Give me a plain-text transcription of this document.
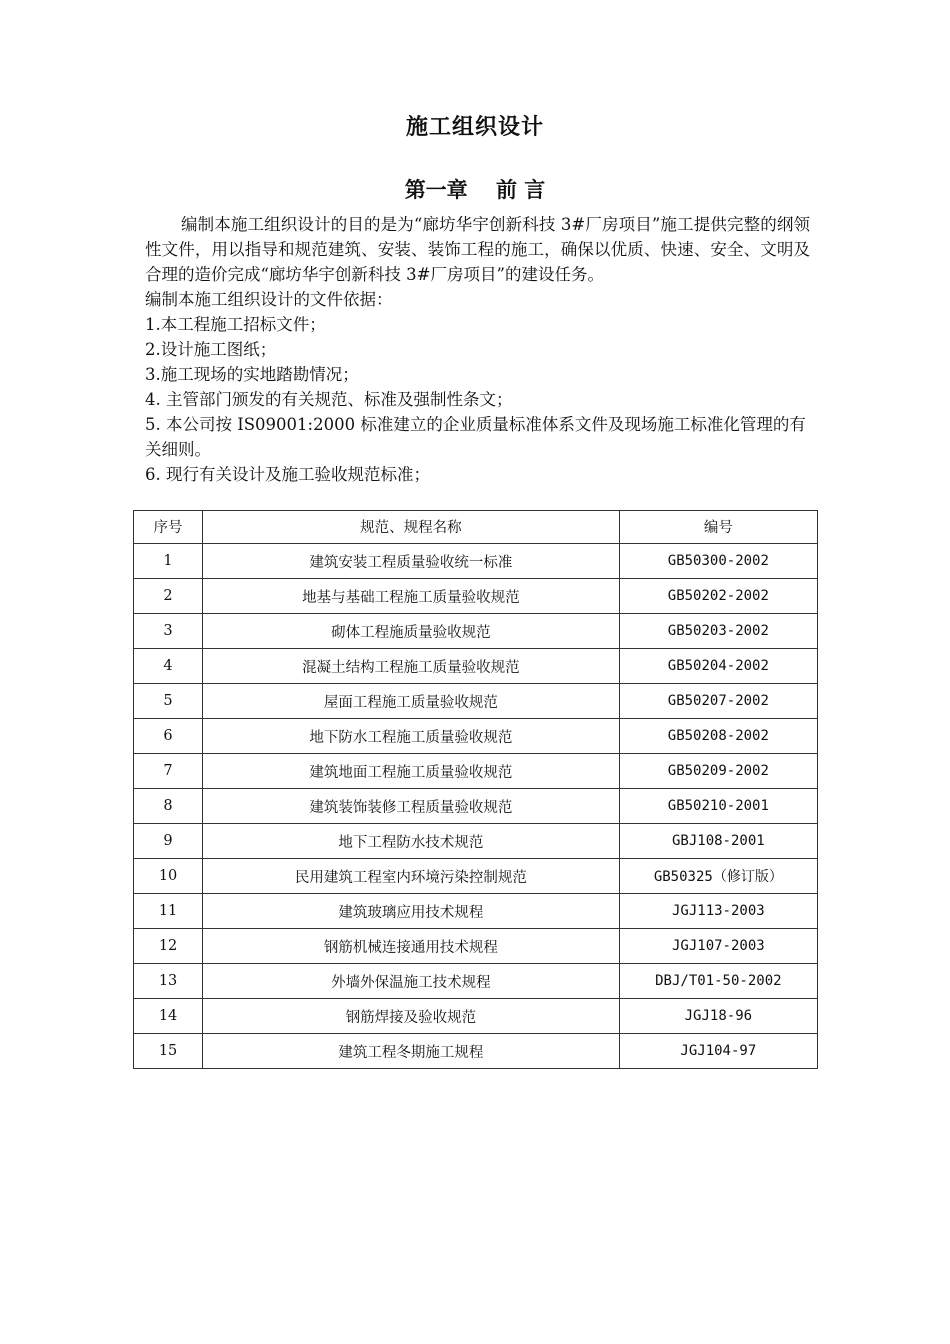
施工组织设计
第一章　 前 言

编制本施工组织设计的目的是为“廊坊华宇创新科技 3#厂房项目”施工提供完整的纲领性文件，用以指导和规范建筑、安装、装饰工程的施工，确保以优质、快速、安全、文明及合理的造价完成“廊坊华宇创新科技 3#厂房项目”的建设任务。

编制本施工组织设计的文件依据：

1.本工程施工招标文件；

2.设计施工图纸；

3.施工现场的实地踏勘情况；

4. 主管部门颁发的有关规范、标准及强制性条文；

5. 本公司按 IS09001:2000 标准建立的企业质量标准体系文件及现场施工标准化管理的有关细则。

6. 现行有关设计及施工验收规范标准；

序号	规范、规程名称	编号
1	建筑安装工程质量验收统一标准	GB50300-2002
2	地基与基础工程施工质量验收规范	GB50202-2002
3	砌体工程施质量验收规范	GB50203-2002
4	混凝土结构工程施工质量验收规范	GB50204-2002
5	屋面工程施工质量验收规范	GB50207-2002
6	地下防水工程施工质量验收规范	GB50208-2002
7	建筑地面工程施工质量验收规范	GB50209-2002
8	建筑装饰装修工程质量验收规范	GB50210-2001
9	地下工程防水技术规范	GBJ108-2001
10	民用建筑工程室内环境污染控制规范	GB50325（修订版）
11	建筑玻璃应用技术规程	JGJ113-2003
12	钢筋机械连接通用技术规程	JGJ107-2003
13	外墙外保温施工技术规程	DBJ/T01-50-2002
14	钢筋焊接及验收规范	JGJ18-96
15	建筑工程冬期施工规程	JGJ104-97
